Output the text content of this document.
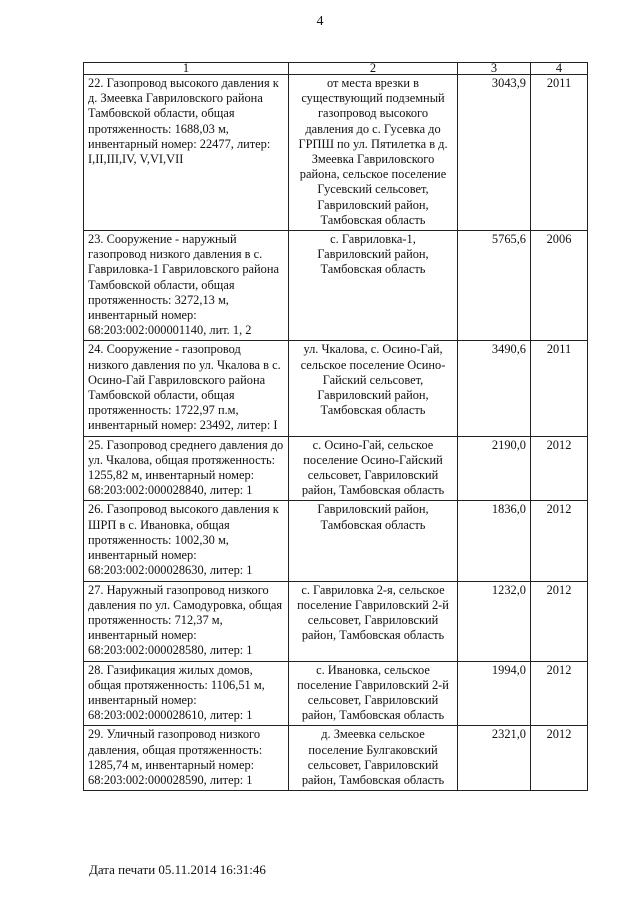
4
1	2	3	4
22. Газопровод высокого давления к д. Змеевка Гавриловского района Тамбовской области, общая протяженность: 1688,03 м, инвентарный номер: 22477, литер: I,II,III,IV, V,VI,VII	от места врезки в существующий подземный газопровод высокого давления до с. Гусевка до ГРПШ по ул. Пятилетка в д. Змеевка Гавриловского района, сельское поселение Гусевский сельсовет, Гавриловский район, Тамбовская область	3043,9	2011
23. Сооружение - наружный газопровод низкого давления в с. Гавриловка-1 Гавриловского района Тамбовской области, общая протяженность: 3272,13 м, инвентарный номер: 68:203:002:000001140, лит. 1, 2	с. Гавриловка-1, Гавриловский район, Тамбовская область	5765,6	2006
24. Сооружение - газопровод низкого давления по ул. Чкалова в с. Осино-Гай Гавриловского района Тамбовской области, общая протяженность: 1722,97 п.м, инвентарный номер: 23492, литер: I	ул. Чкалова, с. Осино-Гай, сельское поселение Осино-Гайский сельсовет, Гавриловский район, Тамбовская область	3490,6	2011
25. Газопровод среднего давления до ул. Чкалова, общая протяженность: 1255,82 м, инвентарный номер: 68:203:002:000028840, литер: 1	с. Осино-Гай, сельское поселение Осино-Гайский сельсовет, Гавриловский район, Тамбовская область	2190,0	2012
26. Газопровод высокого давления к ШРП в с. Ивановка, общая протяженность: 1002,30 м, инвентарный номер: 68:203:002:000028630, литер: 1	Гавриловский район, Тамбовская область	1836,0	2012
27. Наружный газопровод низкого давления по ул. Самодуровка, общая протяженность: 712,37 м, инвентарный номер: 68:203:002:000028580, литер: 1	с. Гавриловка 2-я, сельское поселение Гавриловский 2-й сельсовет, Гавриловский район, Тамбовская область	1232,0	2012
28. Газификация жилых домов, общая протяженность: 1106,51 м, инвентарный номер: 68:203:002:000028610, литер: 1	с. Ивановка, сельское поселение Гавриловский 2-й сельсовет, Гавриловский район, Тамбовская область	1994,0	2012
29. Уличный газопровод низкого давления, общая протяженность: 1285,74 м, инвентарный номер: 68:203:002:000028590, литер: 1	д. Змеевка сельское поселение Булгаковский сельсовет, Гавриловский район, Тамбовская область	2321,0	2012
Дата печати 05.11.2014 16:31:46
